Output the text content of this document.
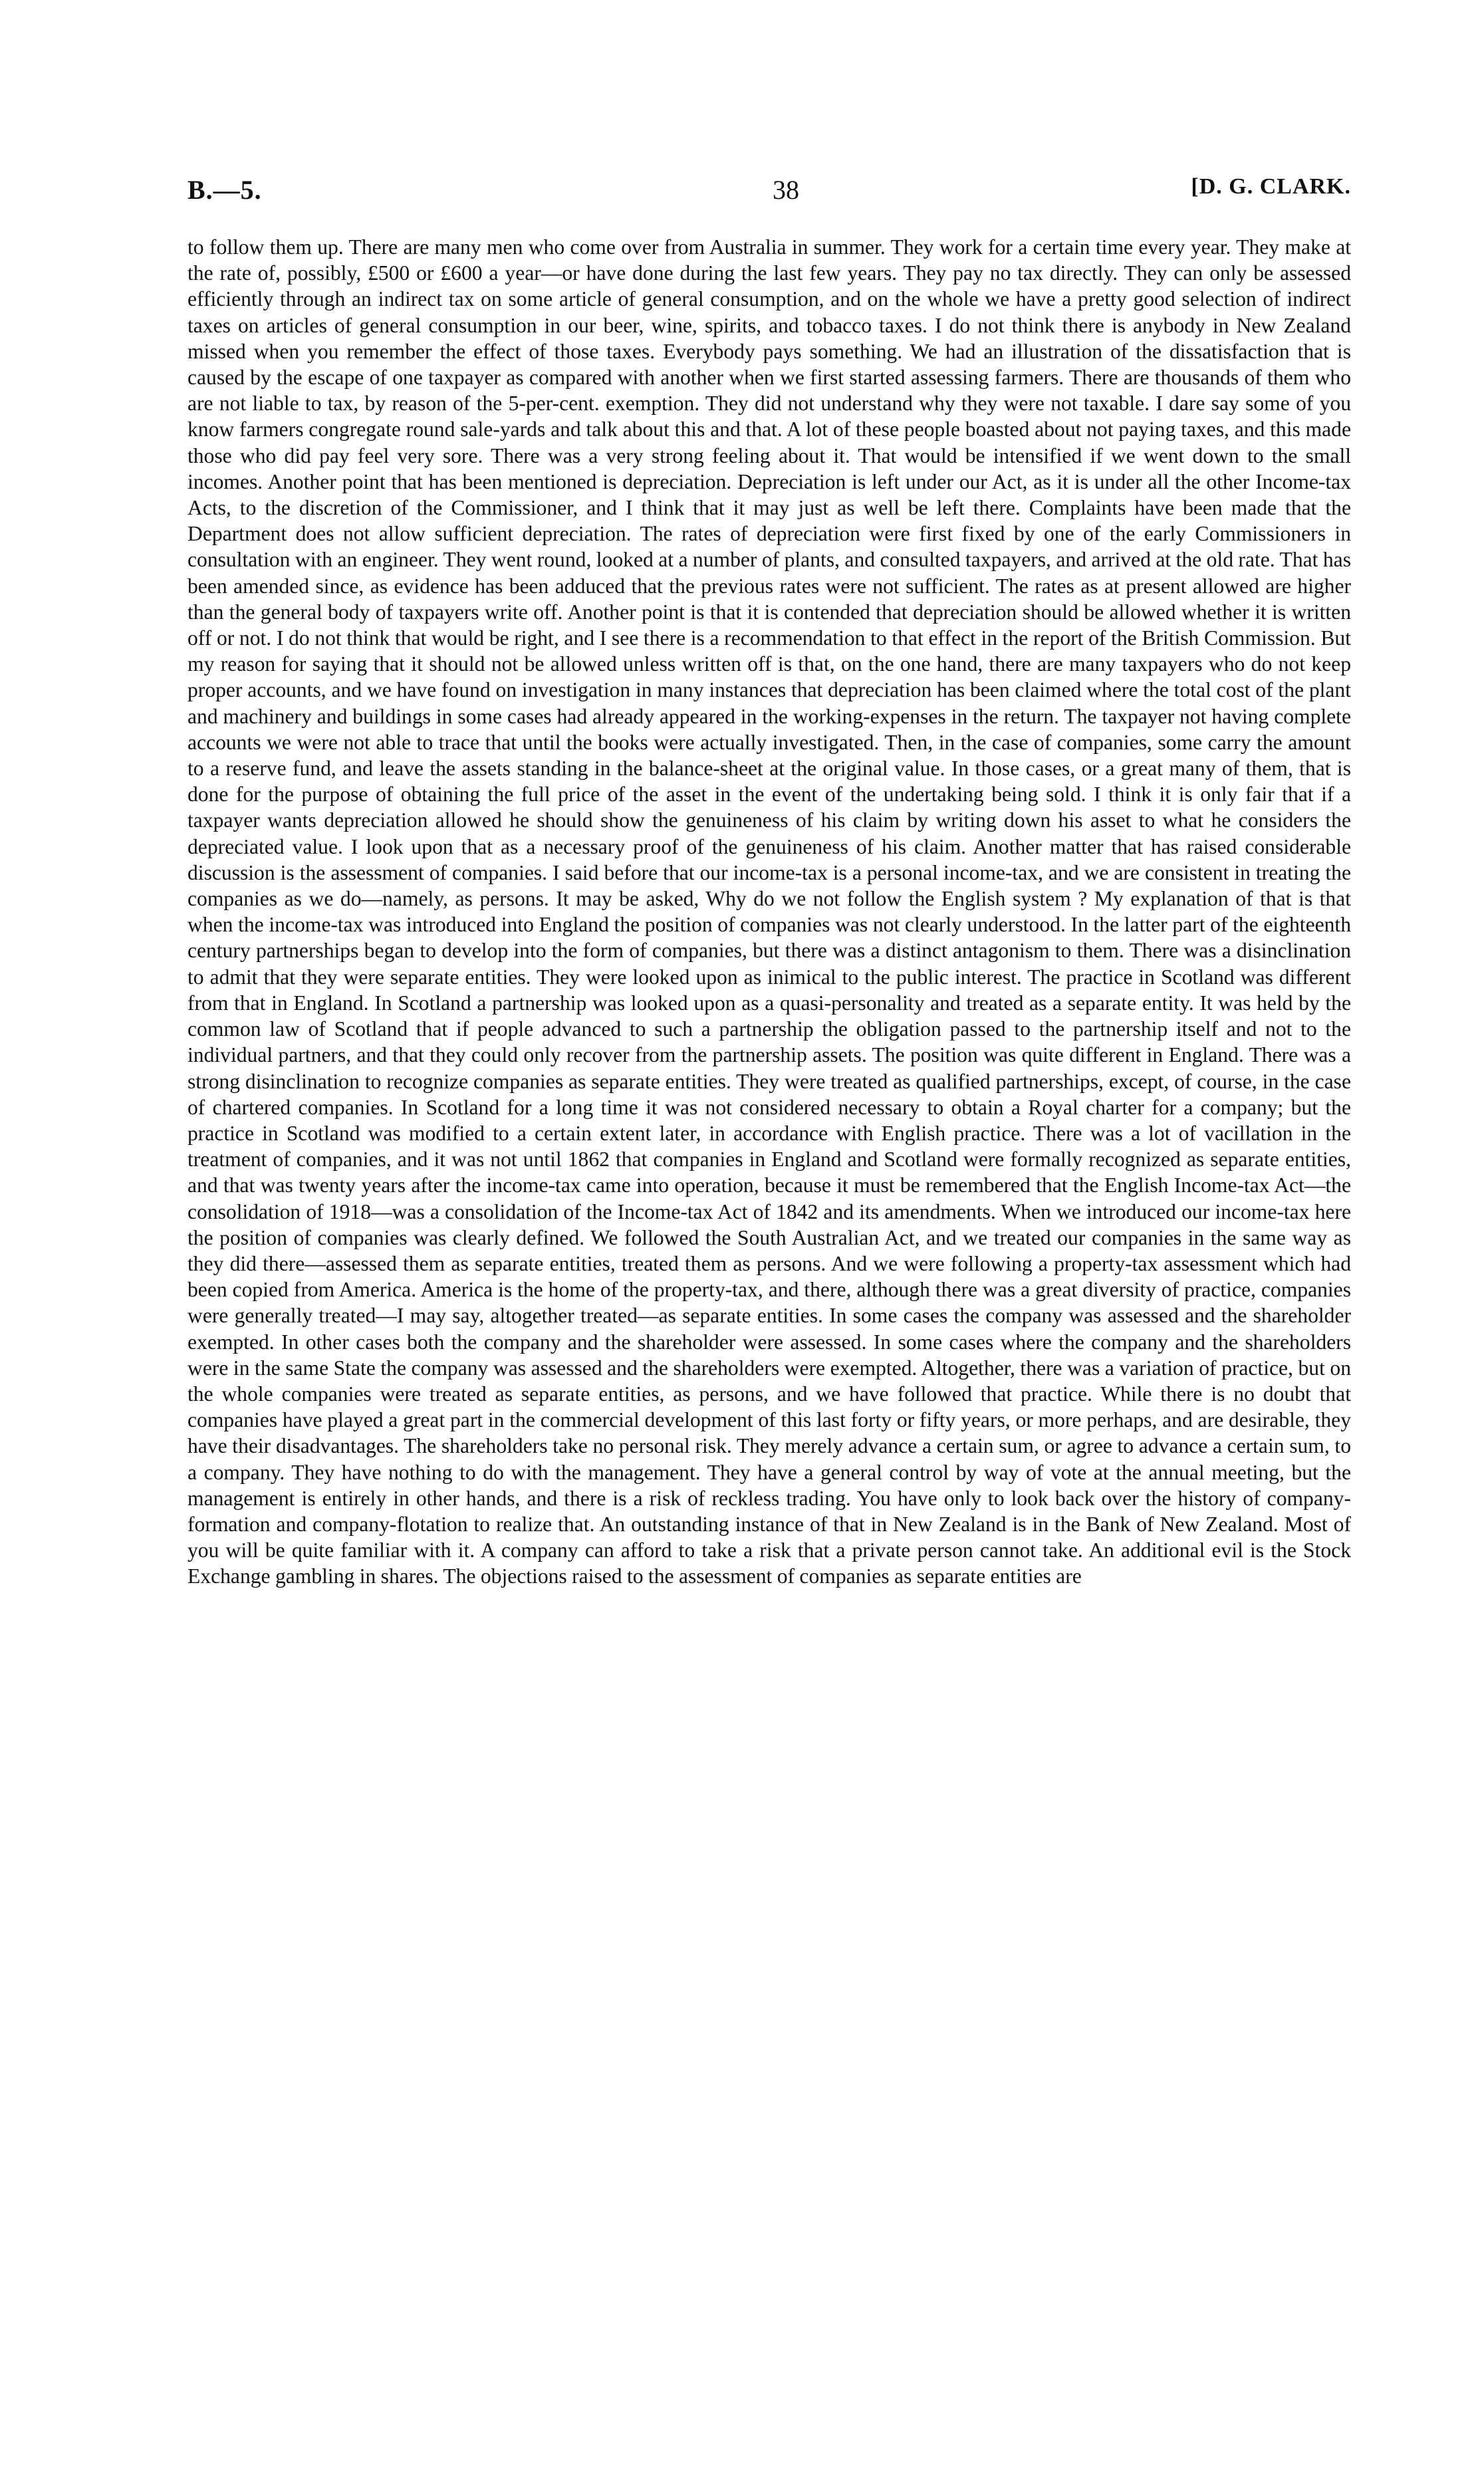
B.—5.	38	[D. G. CLARK.

to follow them up. There are many men who come over from Australia in summer. They work for a certain time every year. They make at the rate of, possibly, £500 or £600 a year—or have done during the last few years. They pay no tax directly. They can only be assessed efficiently through an indirect tax on some article of general consumption, and on the whole we have a pretty good selection of indirect taxes on articles of general consumption in our beer, wine, spirits, and tobacco taxes. I do not think there is anybody in New Zealand missed when you remember the effect of those taxes. Everybody pays something. We had an illustration of the dissatisfaction that is caused by the escape of one taxpayer as compared with another when we first started assessing farmers. There are thousands of them who are not liable to tax, by reason of the 5-per-cent. exemption. They did not understand why they were not taxable. I dare say some of you know farmers congregate round sale-yards and talk about this and that. A lot of these people boasted about not paying taxes, and this made those who did pay feel very sore. There was a very strong feeling about it. That would be intensified if we went down to the small incomes. Another point that has been mentioned is depreciation. Depreciation is left under our Act, as it is under all the other Income-tax Acts, to the discretion of the Commissioner, and I think that it may just as well be left there. Complaints have been made that the Department does not allow sufficient depreciation. The rates of depreciation were first fixed by one of the early Commissioners in consultation with an engineer. They went round, looked at a number of plants, and consulted taxpayers, and arrived at the old rate. That has been amended since, as evidence has been adduced that the previous rates were not sufficient. The rates as at present allowed are higher than the general body of taxpayers write off. Another point is that it is contended that depreciation should be allowed whether it is written off or not. I do not think that would be right, and I see there is a recommendation to that effect in the report of the British Commission. But my reason for saying that it should not be allowed unless written off is that, on the one hand, there are many taxpayers who do not keep proper accounts, and we have found on investigation in many instances that depreciation has been claimed where the total cost of the plant and machinery and buildings in some cases had already appeared in the working-expenses in the return. The taxpayer not having complete accounts we were not able to trace that until the books were actually investigated. Then, in the case of companies, some carry the amount to a reserve fund, and leave the assets standing in the balance-sheet at the original value. In those cases, or a great many of them, that is done for the purpose of obtaining the full price of the asset in the event of the undertaking being sold. I think it is only fair that if a taxpayer wants depreciation allowed he should show the genuineness of his claim by writing down his asset to what he considers the depreciated value. I look upon that as a necessary proof of the genuineness of his claim. Another matter that has raised considerable discussion is the assessment of companies. I said before that our income-tax is a personal income-tax, and we are consistent in treating the companies as we do—namely, as persons. It may be asked, Why do we not follow the English system ? My explanation of that is that when the income-tax was introduced into England the position of companies was not clearly understood. In the latter part of the eighteenth century partnerships began to develop into the form of companies, but there was a distinct antagonism to them. There was a disinclination to admit that they were separate entities. They were looked upon as inimical to the public interest. The practice in Scotland was different from that in England. In Scotland a partnership was looked upon as a quasi-personality and treated as a separate entity. It was held by the common law of Scotland that if people advanced to such a partnership the obligation passed to the partnership itself and not to the individual partners, and that they could only recover from the partnership assets. The position was quite different in England. There was a strong disinclination to recognize companies as separate entities. They were treated as qualified partnerships, except, of course, in the case of chartered companies. In Scotland for a long time it was not considered necessary to obtain a Royal charter for a company; but the practice in Scotland was modified to a certain extent later, in accordance with English practice. There was a lot of vacillation in the treatment of companies, and it was not until 1862 that companies in England and Scotland were formally recognized as separate entities, and that was twenty years after the income-tax came into operation, because it must be remembered that the English Income-tax Act—the consolidation of 1918—was a consolidation of the Income-tax Act of 1842 and its amendments. When we introduced our income-tax here the position of companies was clearly defined. We followed the South Australian Act, and we treated our companies in the same way as they did there—assessed them as separate entities, treated them as persons. And we were following a property-tax assessment which had been copied from America. America is the home of the property-tax, and there, although there was a great diversity of practice, companies were generally treated—I may say, altogether treated—as separate entities. In some cases the company was assessed and the shareholder exempted. In other cases both the company and the shareholder were assessed. In some cases where the company and the shareholders were in the same State the company was assessed and the shareholders were exempted. Altogether, there was a variation of practice, but on the whole companies were treated as separate entities, as persons, and we have followed that practice. While there is no doubt that companies have played a great part in the commercial development of this last forty or fifty years, or more perhaps, and are desirable, they have their disadvantages. The shareholders take no personal risk. They merely advance a certain sum, or agree to advance a certain sum, to a company. They have nothing to do with the management. They have a general control by way of vote at the annual meeting, but the management is entirely in other hands, and there is a risk of reckless trading. You have only to look back over the history of company-formation and company-flotation to realize that. An outstanding instance of that in New Zealand is in the Bank of New Zealand. Most of you will be quite familiar with it. A company can afford to take a risk that a private person cannot take. An additional evil is the Stock Exchange gambling in shares. The objections raised to the assessment of companies as separate entities are
